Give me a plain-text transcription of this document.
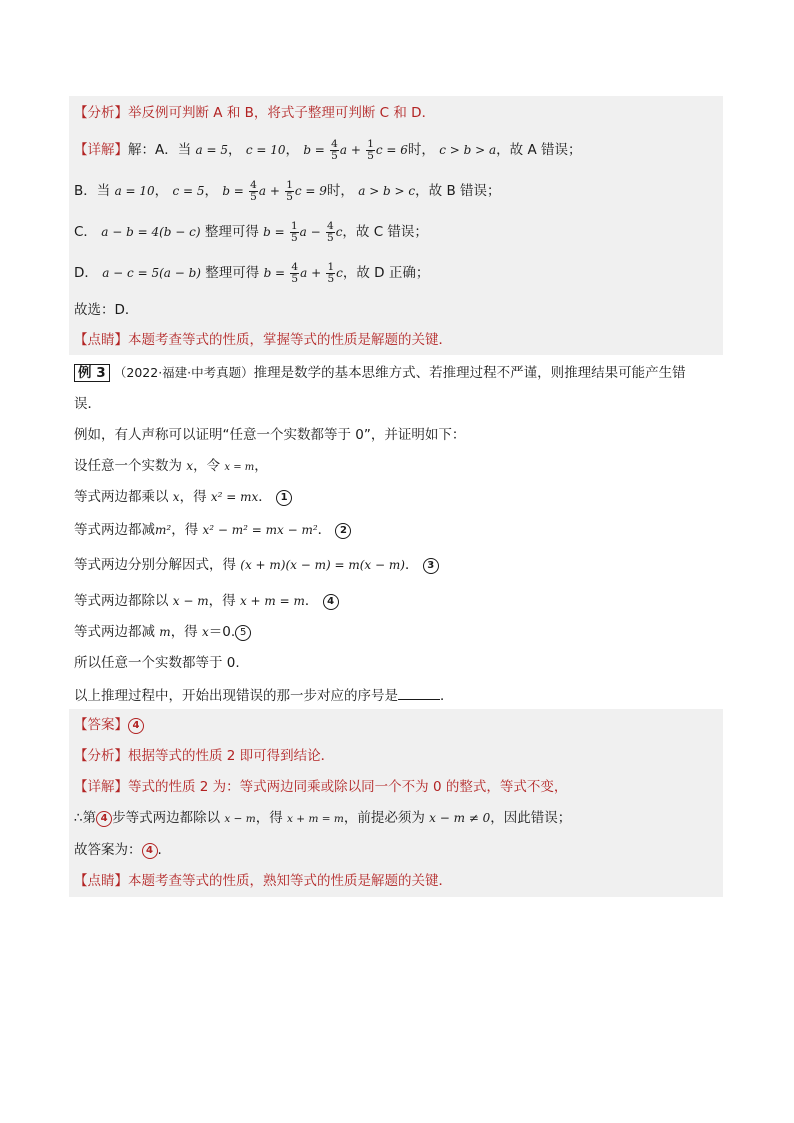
【分析】举反例可判断 A 和 B，将式子整理可判断 C 和 D．
【详解】解：A．当 a = 5， c = 10， $b = \frac{4}{5}$ $a + \frac{1}{5}$ c = 6时， c > b > a，故 A 错误；
B．当 a = 10， c = 5， $b = \frac{4}{5}$ $a + \frac{1}{5}$ c = 9时， a > b > c，故 B 错误；
C． a − b = 4(b − c) 整理可得 $b = \frac{1}{5}$ $a - \frac{4}{5}$ c，故 C 错误；
D． a − c = 5(a − b) 整理可得 $b = \frac{4}{5}$ $a + \frac{1}{5}$ c，故 D 正确；
故选：D．
【点睛】本题考查等式的性质，掌握等式的性质是解题的关键．
例 3 （2022·福建·中考真题）推理是数学的基本思维方式、若推理过程不严谨，则推理结果可能产生错
误．
例如，有人声称可以证明“任意一个实数都等于 0”，并证明如下：
设任意一个实数为 x，令 x = m，
等式两边都乘以 x，得 x² = mx． 1
等式两边都减m²，得 x² − m² = mx − m²． 2
等式两边分别分解因式，得 (x + m)(x − m) = m(x − m)． 3
等式两边都除以 x − m，得 x + m = m． 4
等式两边都减 m，得 x＝0. 5
所以任意一个实数都等于 0.
以上推理过程中，开始出现错误的那一步对应的序号是	．
【答案】 4
【分析】根据等式的性质 2 即可得到结论．
【详解】等式的性质 2 为：等式两边同乘或除以同一个不为 0 的整式，等式不变，
∴第 4 步等式两边都除以 x − m，得 x + m = m，前提必须为 x − m ≠ 0，因此错误；
故答案为： 4 .
【点睛】本题考查等式的性质，熟知等式的性质是解题的关键．
